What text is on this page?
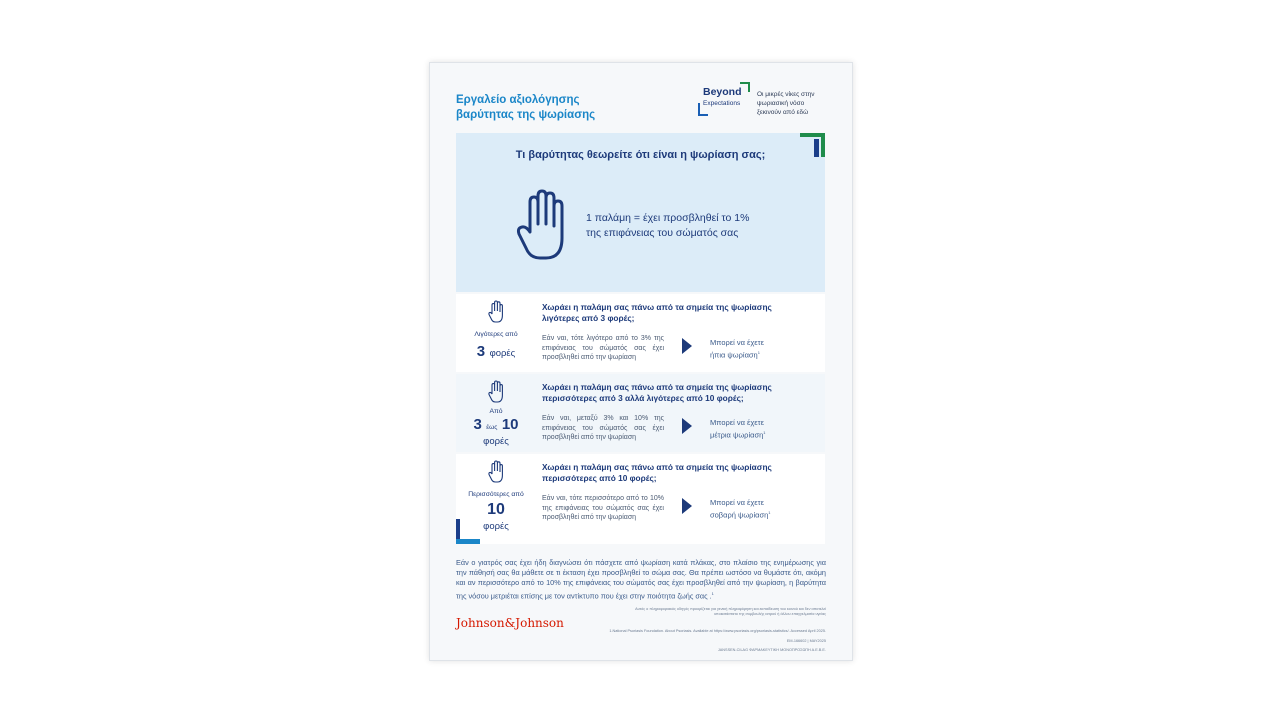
Εργαλείο αξιολόγησης
βαρύτητας της ψωρίασης
Beyond
Expectations
Οι μικρές νίκες στην
ψωριασική νόσο
ξεκινούν από εδώ
Τι βαρύτητας θεωρείτε ότι είναι η ψωρίαση σας;
1 παλάμη = έχει προσβληθεί το 1%
της επιφάνειας του σώματός σας
Λιγότερες από
3 φορές
Χωράει η παλάμη σας πάνω από τα σημεία της ψωρίασης λιγότερες από 3 φορές;
Εάν ναι, τότε λιγότερο από το 3% της επιφάνειας του σώματός σας έχει προσβληθεί από την ψωρίαση
Μπορεί να έχετε
ήπια ψωρίαση$^1$
Από
3 έως 10
φορές
Χωράει η παλάμη σας πάνω από τα σημεία της ψωρίασης περισσότερες από 3 αλλά λιγότερες από 10 φορές;
Εάν ναι, μεταξύ 3% και 10% της επιφάνειας του σώματός σας έχει προσβληθεί από την ψωρίαση
Μπορεί να έχετε
μέτρια ψωρίαση$^1$
Περισσότερες από
10
φορές
Χωράει η παλάμη σας πάνω από τα σημεία της ψωρίασης περισσότερες από 10 φορές;
Εάν ναι, τότε περισσότερο από το 10% της επιφάνειας του σώματός σας έχει προσβληθεί από την ψωρίαση
Μπορεί να έχετε
σοβαρή ψωρίαση$^1$
Εάν ο γιατρός σας έχει ήδη διαγνώσει ότι πάσχετε από ψωρίαση κατά πλάκας, στο πλαίσιο της ενημέρωσης για την πάθησή σας θα μάθετε σε τι έκταση έχει προσβληθεί το σώμα σας. Θα πρέπει ωστόσο να θυμάστε ότι, ακόμη και αν περισσότερο από το 10% της επιφάνειας του σώματός σας έχει προσβληθεί από την ψωρίαση, η βαρύτητα της νόσου μετριέται επίσης με τον αντίκτυπο που έχει στην ποιότητα ζωής σας .$^1$
Johnson&Johnson
Αυτός ο πληροφοριακός οδηγός προορίζεται για γενική πληροφόρηση και εκπαίδευση του κοινού και δεν αποτελεί
υποκατάστατο της συμβουλής ιατρού ή άλλου επαγγελματία υγείας
1.National Psoriasis Foundation. About Psoriasis. Available at https://www.psoriasis.org/psoriasis-statistics/. Accessed April 2025.
EM-166602 | MAY2025
JANSSEN-CILAG ΦΑΡΜΑΚΕΥΤΙΚΗ ΜΟΝΟΠΡΟΣΩΠΗ Α.Ε.Β.Ε.
